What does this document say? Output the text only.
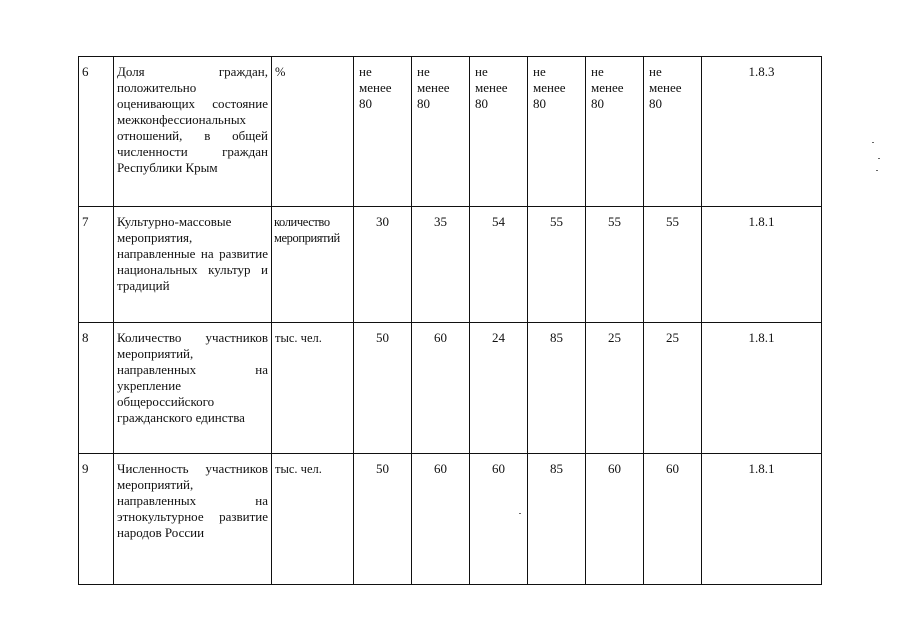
6	Доля граждан, положительно оценивающих состояние межконфессиональных отношений, в общей численности граждан Республики Крым	%	не
менее
80	не
менее
80	не
менее
80	не
менее
80	не
менее
80	не
менее
80	1.8.3
7	Культурно-массовые мероприятия, направленные на развитие национальных культур и традиций	количество мероприятий	30	35	54	55	55	55	1.8.1
8	Количество участников мероприятий, направленных на укрепление общероссийского гражданского единства	тыс. чел.	50	60	24	85	25	25	1.8.1
9	Численность участников мероприятий, направленных на этнокультурное развитие народов России	тыс. чел.	50	60	60	85	60	60	1.8.1
